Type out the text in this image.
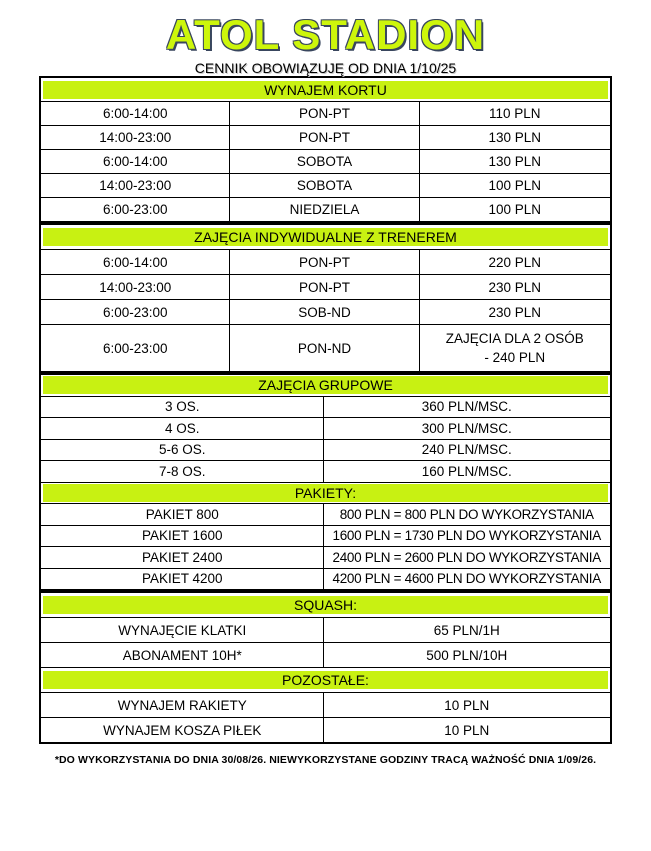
ATOL STADION
CENNIK OBOWIĄZUJĘ OD DNIA 1/10/25
WYNAJEM KORTU		

6:00-14:00	PON-PT	110 PLN
14:00-23:00	PON-PT	130 PLN
6:00-14:00	SOBOTA	130 PLN
14:00-23:00	SOBOTA	100 PLN
6:00-23:00	NIEDZIELA	100 PLN
ZAJĘCIA INDYWIDUALNE Z TRENEREM		

6:00-14:00	PON-PT	220 PLN
14:00-23:00	PON-PT	230 PLN
6:00-23:00	SOB-ND	230 PLN
6:00-23:00	PON-ND	ZAJĘCIA DLA 2 OSÓB
- 240 PLN
ZAJĘCIA GRUPOWE	

3 OS.	360 PLN/MSC.
4 OS.	300 PLN/MSC.
5-6 OS.	240 PLN/MSC.
7-8 OS.	160 PLN/MSC.

PAKIETY:	

PAKIET 800	800 PLN = 800 PLN DO WYKORZYSTANIA
PAKIET 1600	1600 PLN = 1730 PLN DO WYKORZYSTANIA
PAKIET 2400	2400 PLN = 2600 PLN DO WYKORZYSTANIA
PAKIET 4200	4200 PLN = 4600 PLN DO WYKORZYSTANIA
SQUASH:	

WYNAJĘCIE KLATKI	65 PLN/1H
ABONAMENT 10H*	500 PLN/10H

POZOSTAŁE:	

WYNAJEM RAKIETY	10 PLN
WYNAJEM KOSZA PIŁEK	10 PLN
*DO WYKORZYSTANIA DO DNIA 30/08/26. NIEWYKORZYSTANE GODZINY TRACĄ WAŻNOŚĆ DNIA 1/09/26.
